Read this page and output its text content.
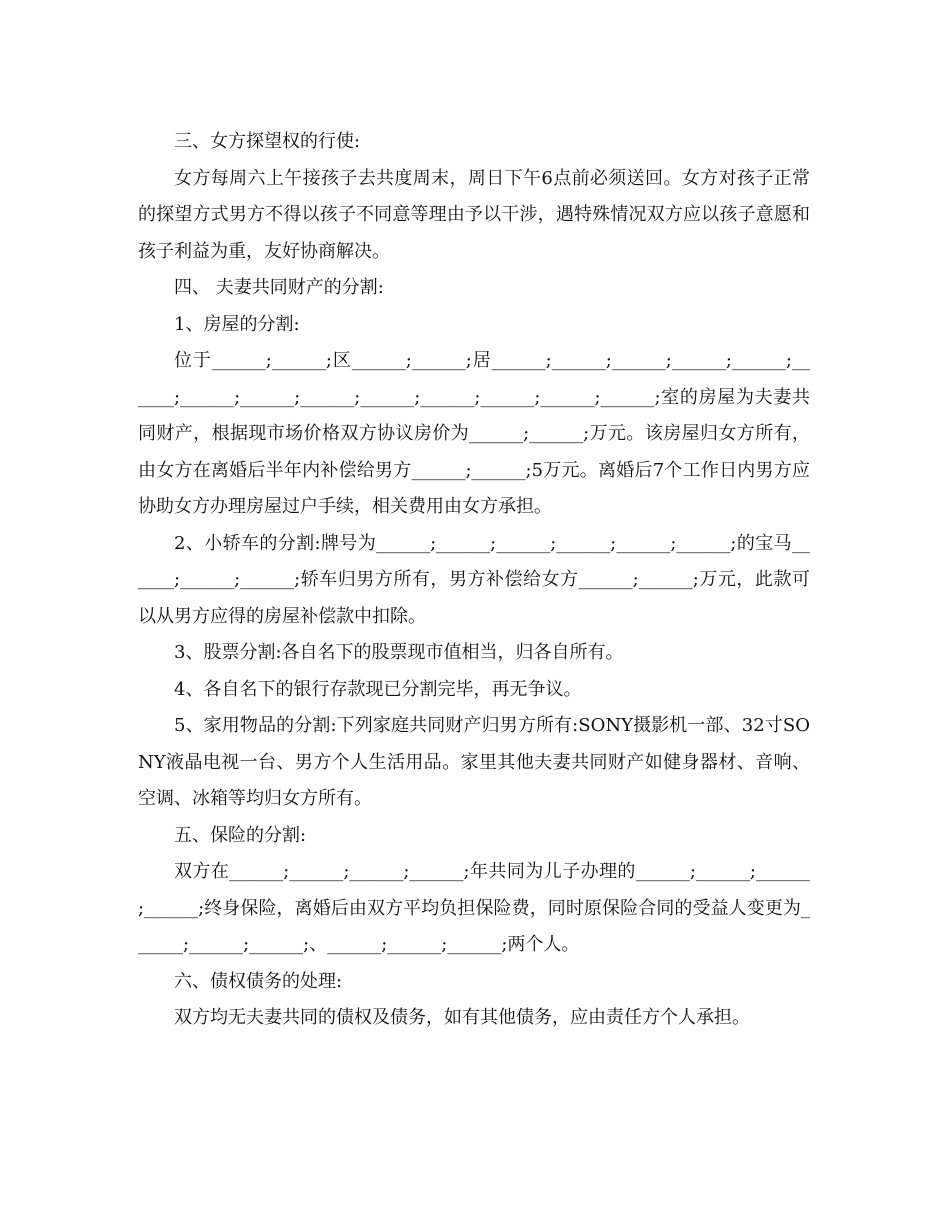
三、女方探望权的行使:

女方每周六上午接孩子去共度周末，周日下午6点前必须送回。女方对孩子正常的探望方式男方不得以孩子不同意等理由予以干涉，遇特殊情况双方应以孩子意愿和孩子利益为重，友好协商解决。

四、 夫妻共同财产的分割:

1、房屋的分割:

位于______;______;区______;______;居______;______;______;______;______;______;______;______;______;______;______;______;______;______;室的房屋为夫妻共同财产，根据现市场价格双方协议房价为______;______;万元。该房屋归女方所有，由女方在离婚后半年内补偿给男方______;______;5万元。离婚后7个工作日内男方应协助女方办理房屋过户手续，相关费用由女方承担。

2、小轿车的分割:牌号为______;______;______;______;______;______;的宝马______;______;______;轿车归男方所有，男方补偿给女方______;______;万元，此款可以从男方应得的房屋补偿款中扣除。

3、股票分割:各自名下的股票现市值相当，归各自所有。

4、各自名下的银行存款现已分割完毕，再无争议。

5、家用物品的分割:下列家庭共同财产归男方所有:SONY摄影机一部、32寸SONY液晶电视一台、男方个人生活用品。家里其他夫妻共同财产如健身器材、音响、空调、冰箱等均归女方所有。

五、保险的分割:

双方在______;______;______;______;年共同为儿子办理的______;______;______;______;终身保险，离婚后由双方平均负担保险费，同时原保险合同的受益人变更为______;______;______;、______;______;______;两个人。

六、债权债务的处理:

双方均无夫妻共同的债权及债务，如有其他债务，应由责任方个人承担。
